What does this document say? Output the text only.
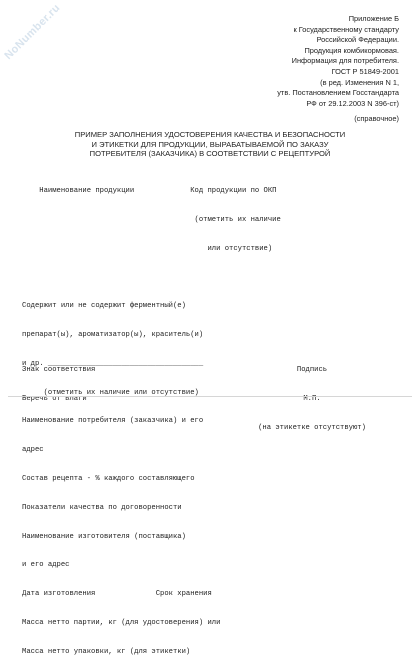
NoNumber.ru	Приложение Б
к Государственному стандарту
Российской Федерации.
Продукция комбикормовая.
Информация для потребителя.
ГОСТ Р 51849-2001
(в ред. Изменения N 1,
утв. Постановлением Госстандарта
РФ от 29.12.2003 N 396-ст)
(справочное)
ПРИМЕР ЗАПОЛНЕНИЯ УДОСТОВЕРЕНИЯ КАЧЕСТВА И БЕЗОПАСНОСТИ
И ЭТИКЕТКИ ДЛЯ ПРОДУКЦИИ, ВЫРАБАТЫВАЕМОЙ ПО ЗАКАЗУ
ПОТРЕБИТЕЛЯ (ЗАКАЗЧИКА) В СООТВЕТСТВИИ С РЕЦЕПТУРОЙ

Наименование продукции             Код продукции по ОКП

(отметить их наличие

или отсутствие)

Содержит или не содержит ферментный(е)

препарат(ы), ароматизатор(ы), краситель(и)

и др. ____________________________________

(отметить их наличие или отсутствие)

Наименование потребителя (заказчика) и его

адрес

Состав рецепта - % каждого составляющего

Показатели качества по договоренности

Наименование изготовителя (поставщика)

и его адрес

Дата изготовления              Срок хранения

Масса нетто партии, кг (для удостоверения) или

Масса нетто упаковки, кг (для этикетки)

Знак соответствия

Беречь от влаги

Подпись

М.П.

(на этикетке отсутствуют)
